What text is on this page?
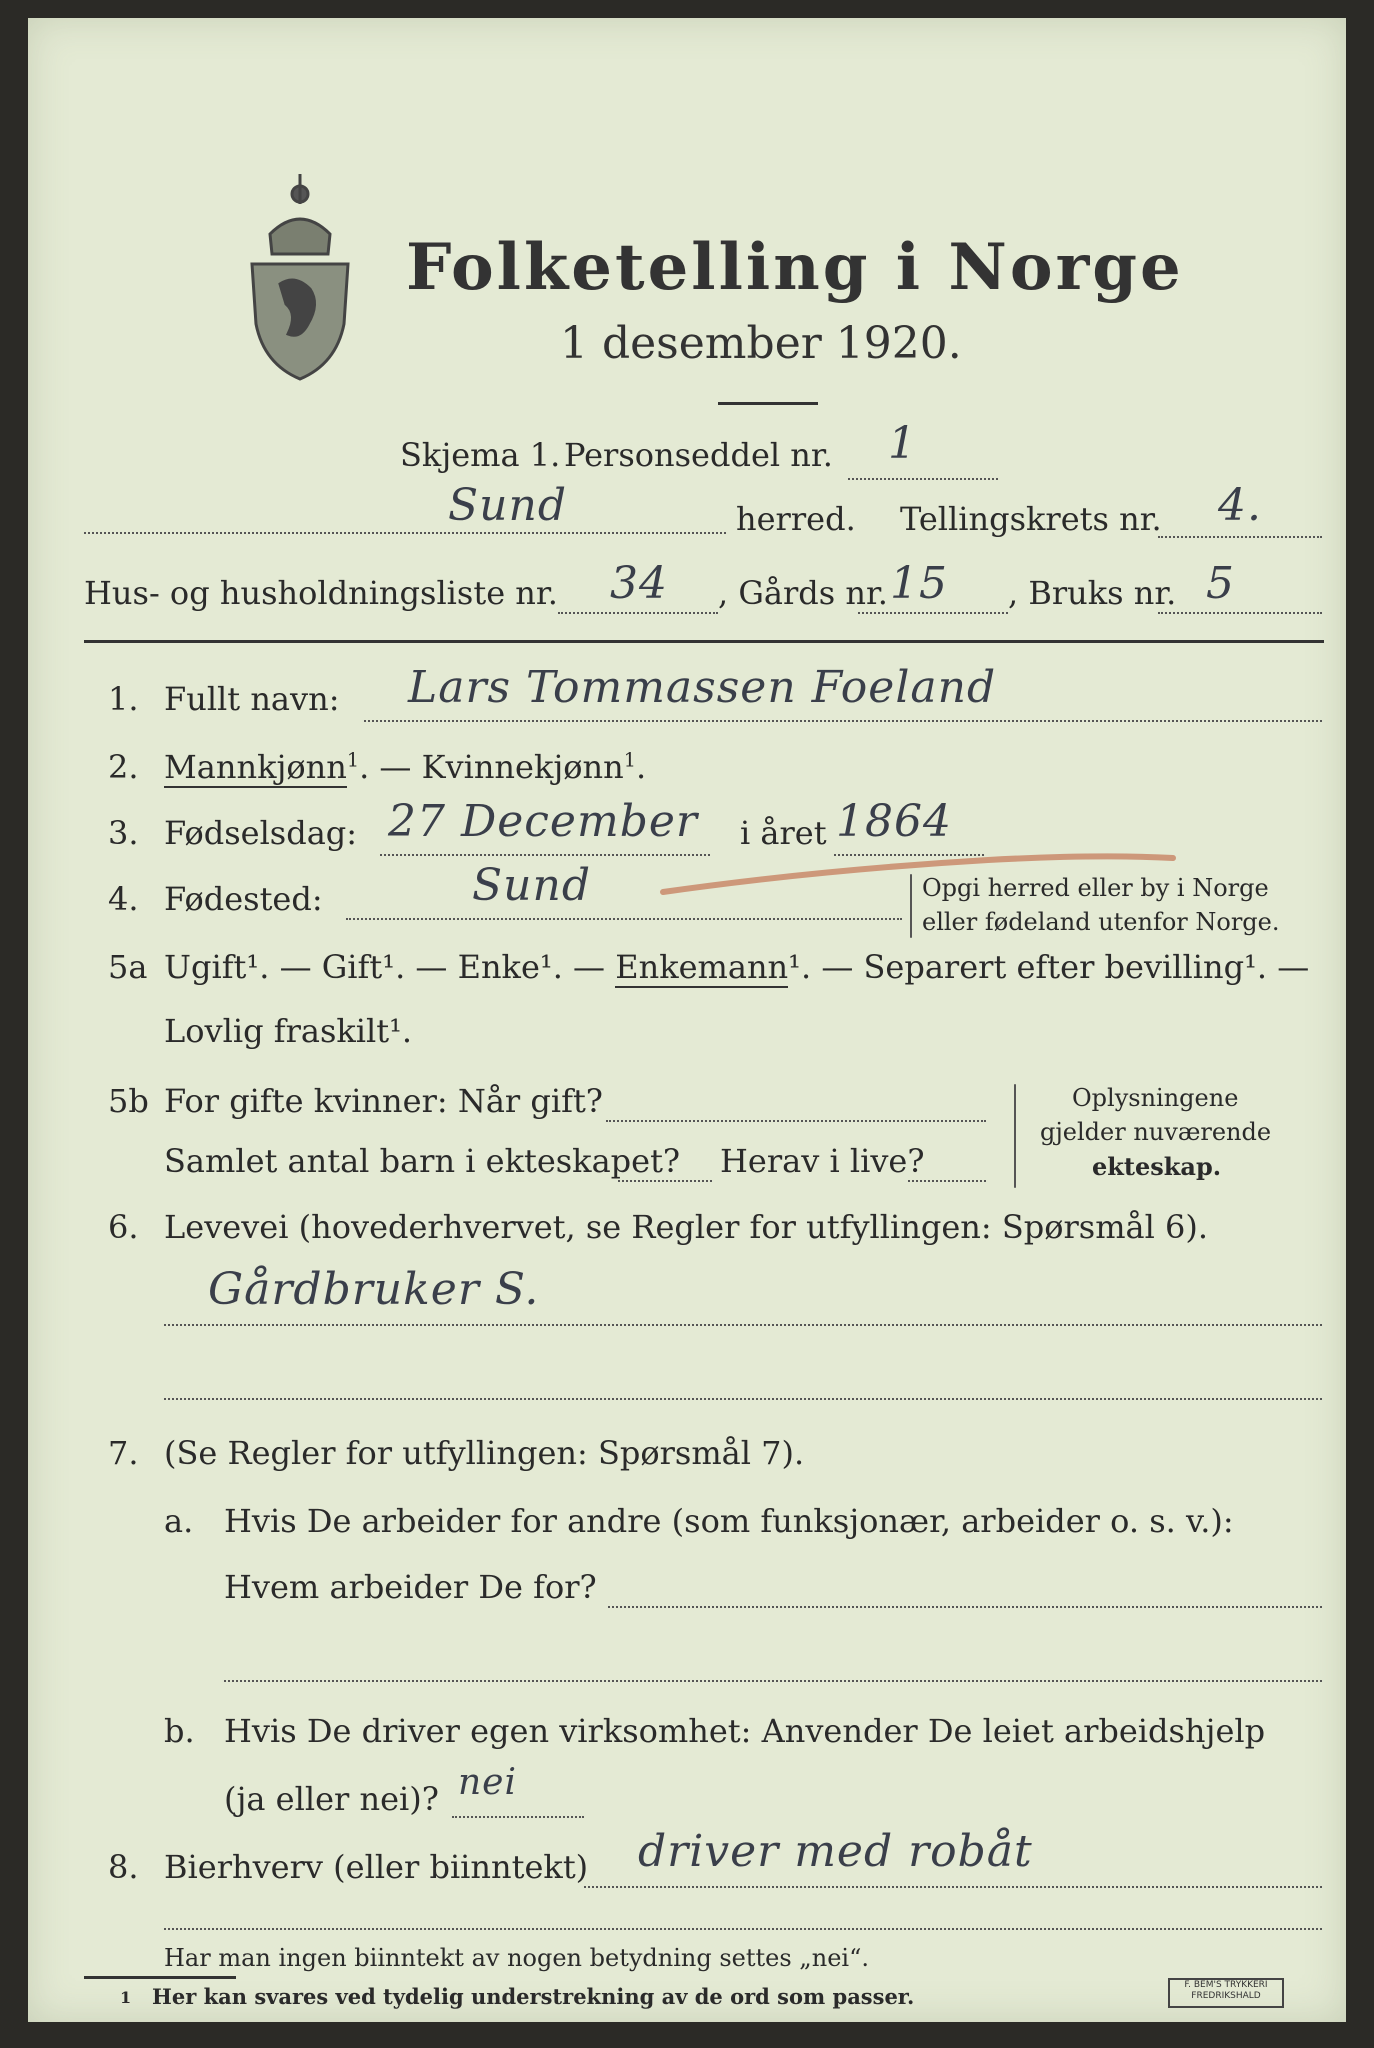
Folketelling i Norge
1 desember 1920.
Skjema 1. Personseddel nr. 1
Sund	herred. Tellingskrets nr. 4.
Hus- og husholdningsliste nr. 34 , Gårds nr. 15 , Bruks nr. 5
1. Fullt navn: Lars Tommassen Foeland
2. Mannkjønn$^1$. — Kvinnekjønn$^1$.
3. Fødselsdag: 27 December i året 1864
4. Fødested:	Sund	Opgi herred eller by i Norge
eller fødeland utenfor Norge.
5a Ugift¹. — Gift¹. — Enke¹. — Enkemann¹. — Separert efter bevilling¹. —
Lovlig fraskilt¹.
5b For gifte kvinner: Når gift?
Samlet antal barn i ekteskapet? Herav i live?
Oplysningene
gjelder nuværende
ekteskap.
6. Levevei (hovederhvervet, se Regler for utfyllingen: Spørsmål 6).
Gårdbruker S.
7. (Se Regler for utfyllingen: Spørsmål 7).
a. Hvis De arbeider for andre (som funksjonær, arbeider o. s. v.):
Hvem arbeider De for?
b. Hvis De driver egen virksomhet: Anvender De leiet arbeidshjelp
(ja eller nei)? nei
8. Bierhverv (eller biinntekt) driver med robåt
Har man ingen biinntekt av nogen betydning settes „nei“.
1 Her kan svares ved tydelig understrekning av de ord som passer.	F. BEM'S TRYKKERI
FREDRIKSHALD
